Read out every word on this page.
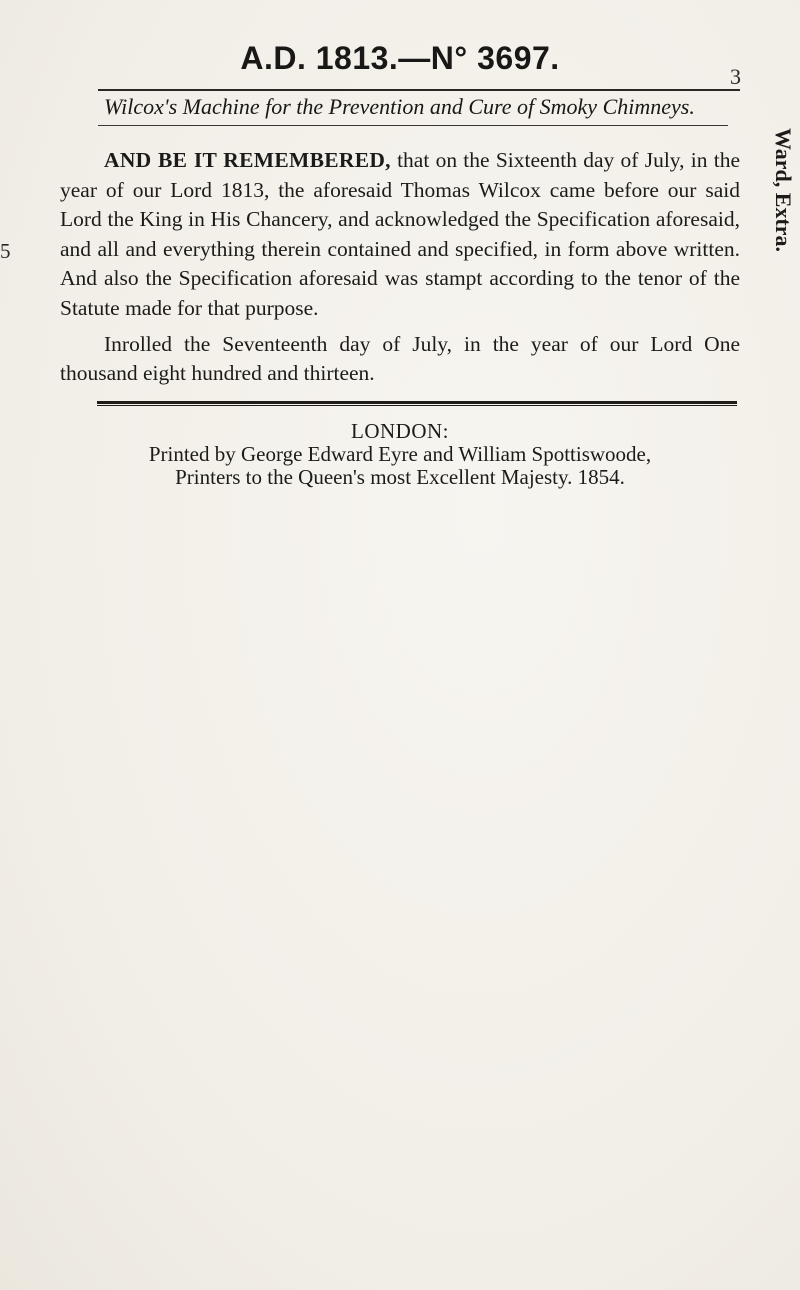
A.D. 1813.—N° 3697.
3
Wilcox's Machine for the Prevention and Cure of Smoky Chimneys.
5

AND BE IT REMEMBERED, that on the Sixteenth day of July, in the year of our Lord 1813, the aforesaid Thomas Wilcox came before our said Lord the King in His Chancery, and acknowledged the Specification aforesaid, and all and everything therein contained and specified, in form above written. And also the Specification aforesaid was stampt according to the tenor of the Statute made for that purpose.

Inrolled the Seventeenth day of July, in the year of our Lord One thousand eight hundred and thirteen.

LONDON:
Printed by George Edward Eyre and William Spottiswoode,
Printers to the Queen's most Excellent Majesty. 1854.
Ward, Extra.
